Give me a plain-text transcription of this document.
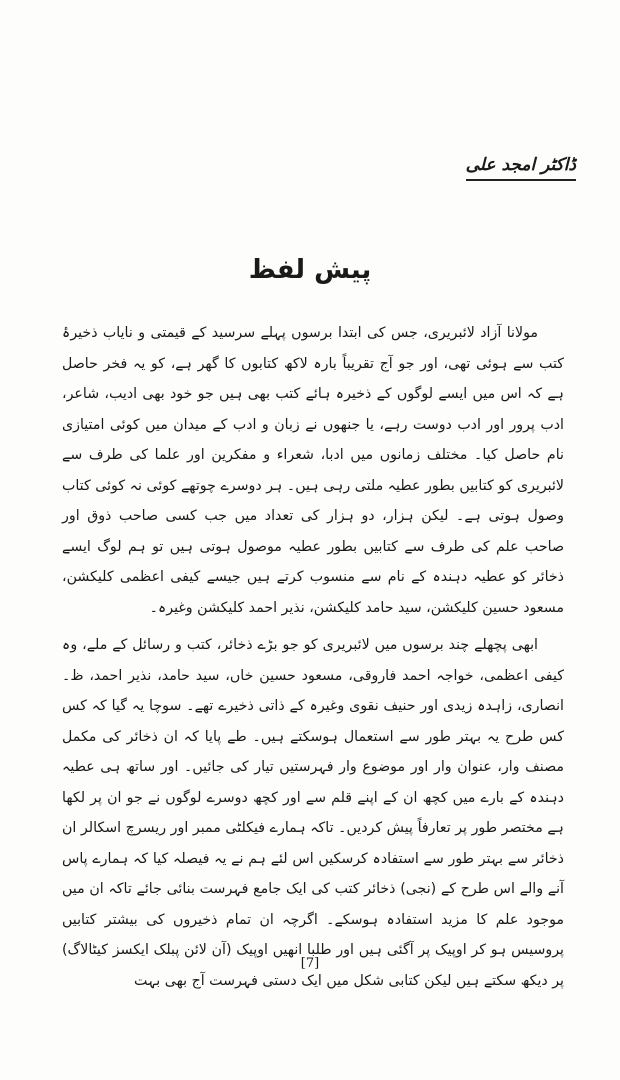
ڈاکٹر امجد علی
پیش لفظ

مولانا آزاد لائبریری، جس کی ابتدا برسوں پہلے سرسید کے قیمتی و نایاب ذخیرۂ کتب سے ہوئی تھی، اور جو آج تقریباً بارہ لاکھ کتابوں کا گھر ہے، کو یہ فخر حاصل ہے کہ اس میں ایسے لوگوں کے ذخیرہ ہائے کتب بھی ہیں جو خود بھی ادیب، شاعر، ادب پرور اور ادب دوست رہے، یا جنھوں نے زبان و ادب کے میدان میں کوئی امتیازی نام حاصل کیا۔ مختلف زمانوں میں ادبا، شعراء و مفکرین اور علما کی طرف سے لائبریری کو کتابیں بطور عطیہ ملتی رہی ہیں۔ ہر دوسرے چوتھے کوئی نہ کوئی کتاب وصول ہوتی ہے۔ لیکن ہزار، دو ہزار کی تعداد میں جب کسی صاحب ذوق اور صاحب علم کی طرف سے کتابیں بطور عطیہ موصول ہوتی ہیں تو ہم لوگ ایسے ذخائر کو عطیہ دہندہ کے نام سے منسوب کرتے ہیں جیسے کیفی اعظمی کلیکشن، مسعود حسین کلیکشن، سید حامد کلیکشن، نذیر احمد کلیکشن وغیرہ۔

ابھی پچھلے چند برسوں میں لائبریری کو جو بڑے ذخائر، کتب و رسائل کے ملے، وہ کیفی اعظمی، خواجہ احمد فاروقی، مسعود حسین خاں، سید حامد، نذیر احمد، ظ۔ انصاری، زاہدہ زیدی اور حنیف نقوی وغیرہ کے ذاتی ذخیرے تھے۔ سوچا یہ گیا کہ کس کس طرح یہ بہتر طور سے استعمال ہوسکتے ہیں۔ طے پایا کہ ان ذخائر کی مکمل مصنف وار، عنوان وار اور موضوع وار فہرستیں تیار کی جائیں۔ اور ساتھ ہی عطیہ دہندہ کے بارے میں کچھ ان کے اپنے قلم سے اور کچھ دوسرے لوگوں نے جو ان پر لکھا ہے مختصر طور پر تعارفاً پیش کردیں۔ تاکہ ہمارے فیکلٹی ممبر اور ریسرچ اسکالر ان ذخائر سے بہتر طور سے استفادہ کرسکیں اس لئے ہم نے یہ فیصلہ کیا کہ ہمارے پاس آنے والے اس طرح کے (نجی) ذخائر کتب کی ایک جامع فہرست بنائی جائے تاکہ ان میں موجود علم کا مزید استفادہ ہوسکے۔ اگرچہ ان تمام ذخیروں کی بیشتر کتابیں پروسیس ہو کر اوپیک پر آگئی ہیں اور طلبا انھیں اوپیک (آن لائن پبلک ایکسز کیٹالاگ) پر دیکھ سکتے ہیں لیکن کتابی شکل میں ایک دستی فہرست آج بھی بہت

[7]
